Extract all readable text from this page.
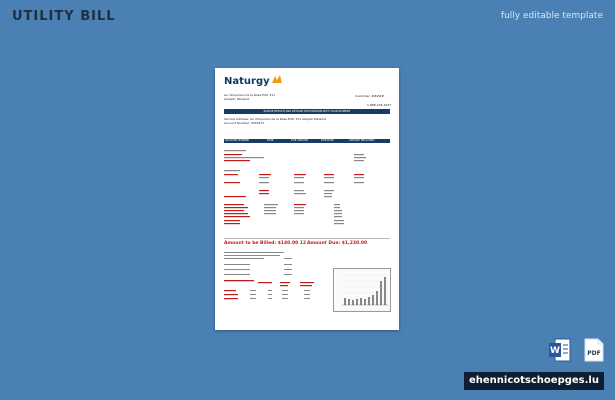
UTILITY BILL	fully editable template
Naturgy
Av. Chiquirani de la Rosa Edif. 311
Alanjuli, Panamá
Customer: #####
1-888-234-3237
PLEASE DETACH AND RETURN THIS PORTION WITH YOUR PAYMENT
Service Address: Av. Chiquirani de la Rosa Edif. 311 Alanjuli Panamá
Account Number: 0563471
ACCOUNT NUMBER	DATE	DUE AMOUNT	DUE DATE	AMOUNT ENCLOSED
Amount to be Billed: $140.00 12 Amount Due: $1,230.00
W	PDF
ehennicotschoepges.lu
